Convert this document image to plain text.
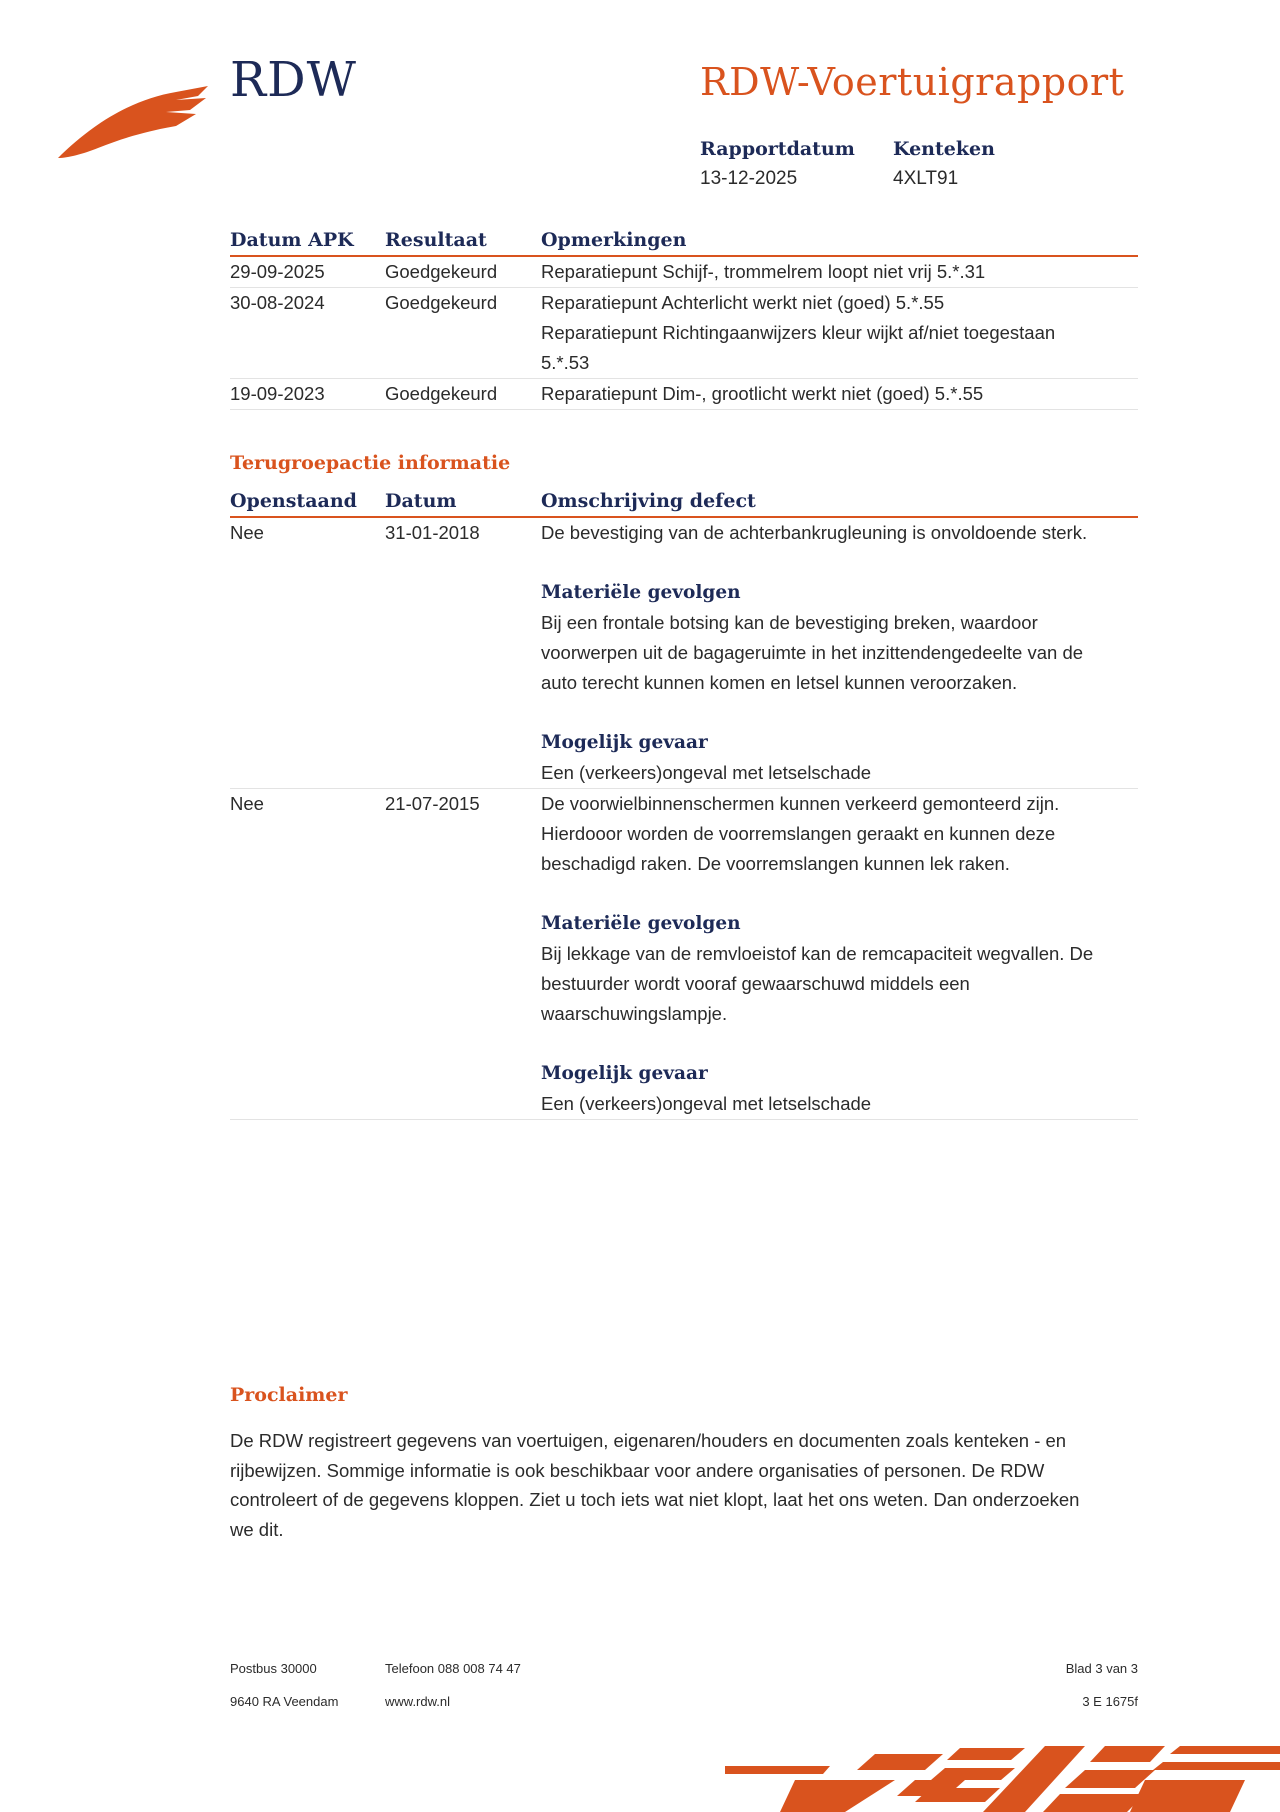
RDW	RDW-Voertuigrapport
Rapportdatum Kenteken
13-12-2025	4XLT91
Datum APK Resultaat	Opmerkingen
29-09-2025	Goedgekeurd Reparatiepunt Schijf-, trommelrem loopt niet vrij 5.*.31
30-08-2024	Goedgekeurd Reparatiepunt Achterlicht werkt niet (goed) 5.*.55
Reparatiepunt Richtingaanwijzers kleur wijkt af/niet toegestaan
5.*.53
19-09-2023	Goedgekeurd Reparatiepunt Dim-, grootlicht werkt niet (goed) 5.*.55
Terugroepactie informatie
Openstaand Datum	Omschrijving defect
Nee	31-01-2018	De bevestiging van de achterbankrugleuning is onvoldoende sterk.
Materiële gevolgen
Bij een frontale botsing kan de bevestiging breken, waardoor
voorwerpen uit de bagageruimte in het inzittendengedeelte van de
auto terecht kunnen komen en letsel kunnen veroorzaken.
Mogelijk gevaar
Een (verkeers)ongeval met letselschade
Nee	21-07-2015	De voorwielbinnenschermen kunnen verkeerd gemonteerd zijn.
Hierdooor worden de voorremslangen geraakt en kunnen deze
beschadigd raken. De voorremslangen kunnen lek raken.
Materiële gevolgen
Bij lekkage van de remvloeistof kan de remcapaciteit wegvallen. De
bestuurder wordt vooraf gewaarschuwd middels een
waarschuwingslampje.
Mogelijk gevaar
Een (verkeers)ongeval met letselschade
Proclaimer
De RDW registreert gegevens van voertuigen, eigenaren/houders en documenten zoals kenteken - en
rijbewijzen. Sommige informatie is ook beschikbaar voor andere organisaties of personen. De RDW
controleert of de gegevens kloppen. Ziet u toch iets wat niet klopt, laat het ons weten. Dan onderzoeken
we dit.
Postbus 30000
9640 RA Veendam
Telefoon 088 008 74 47
www.rdw.nl
Blad 3 van 3
3 E 1675f
